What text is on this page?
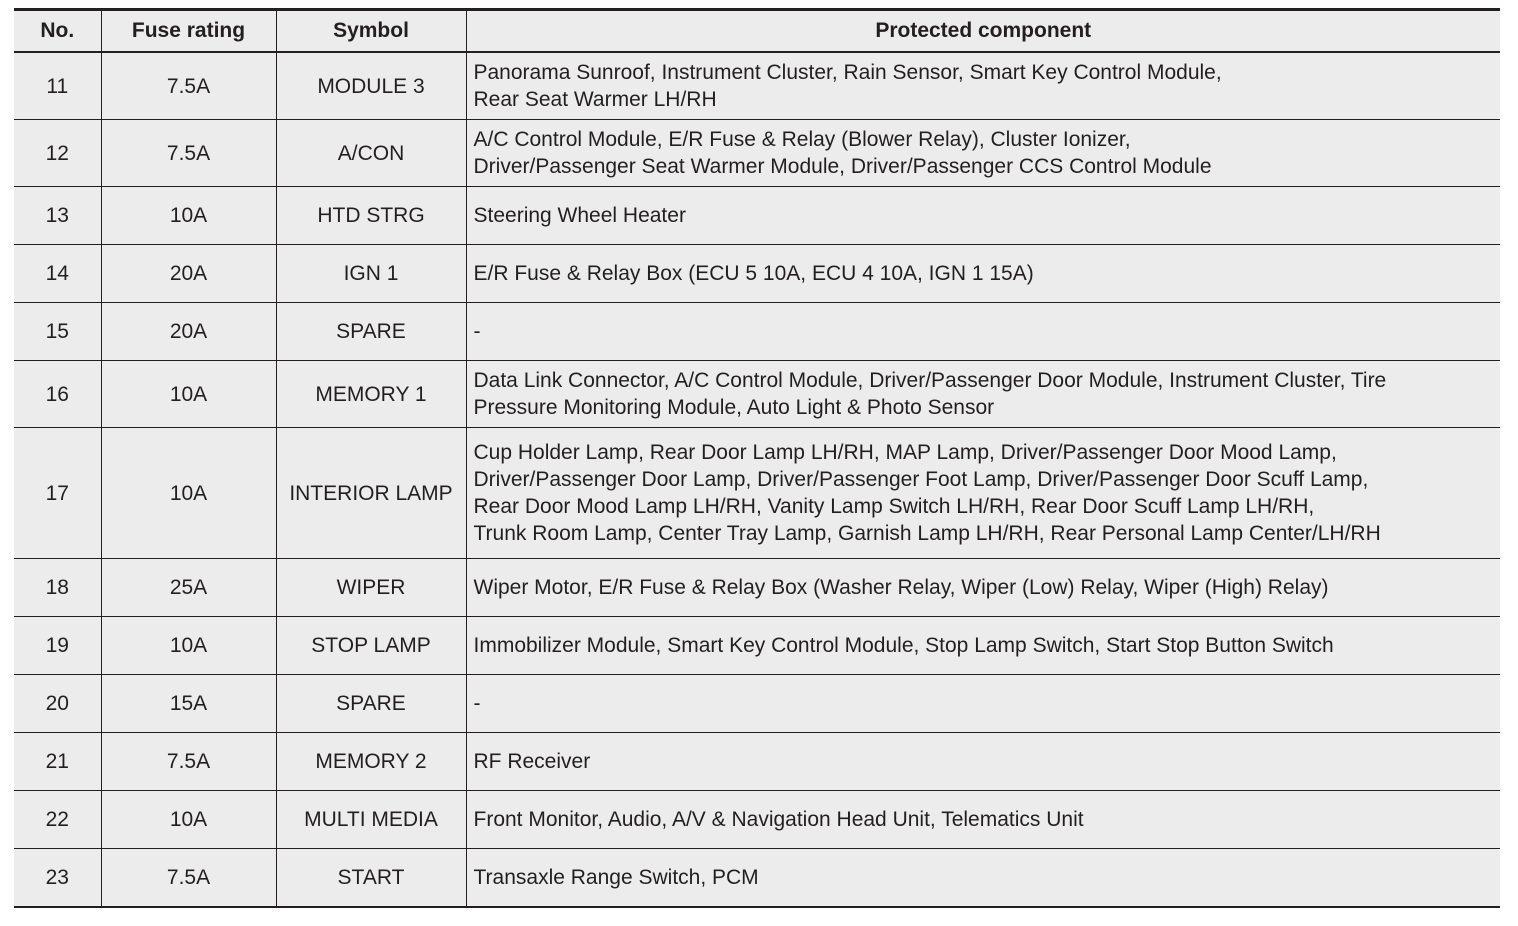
No.	Fuse rating	Symbol	Protected component
11	7.5A	MODULE 3	Panorama Sunroof, Instrument Cluster, Rain Sensor, Smart Key Control Module,
Rear Seat Warmer LH/RH

12	7.5A	A/CON	A/C Control Module, E/R Fuse & Relay (Blower Relay), Cluster Ionizer,
Driver/Passenger Seat Warmer Module, Driver/Passenger CCS Control Module

13	10A	HTD STRG	Steering Wheel Heater

14	20A	IGN 1	E/R Fuse & Relay Box (ECU 5 10A, ECU 4 10A, IGN 1 15A)

15	20A	SPARE	-

16	10A	MEMORY 1	Data Link Connector, A/C Control Module, Driver/Passenger Door Module, Instrument Cluster, Tire
Pressure Monitoring Module, Auto Light & Photo Sensor

17	10A	INTERIOR LAMP	Cup Holder Lamp, Rear Door Lamp LH/RH, MAP Lamp, Driver/Passenger Door Mood Lamp,
Driver/Passenger Door Lamp, Driver/Passenger Foot Lamp, Driver/Passenger Door Scuff Lamp,
Rear Door Mood Lamp LH/RH, Vanity Lamp Switch LH/RH, Rear Door Scuff Lamp LH/RH,
Trunk Room Lamp, Center Tray Lamp, Garnish Lamp LH/RH, Rear Personal Lamp Center/LH/RH

18	25A	WIPER	Wiper Motor, E/R Fuse & Relay Box (Washer Relay, Wiper (Low) Relay, Wiper (High) Relay)

19	10A	STOP LAMP	Immobilizer Module, Smart Key Control Module, Stop Lamp Switch, Start Stop Button Switch

20	15A	SPARE	-

21	7.5A	MEMORY 2	RF Receiver

22	10A	MULTI MEDIA	Front Monitor, Audio, A/V & Navigation Head Unit, Telematics Unit

23	7.5A	START	Transaxle Range Switch, PCM
